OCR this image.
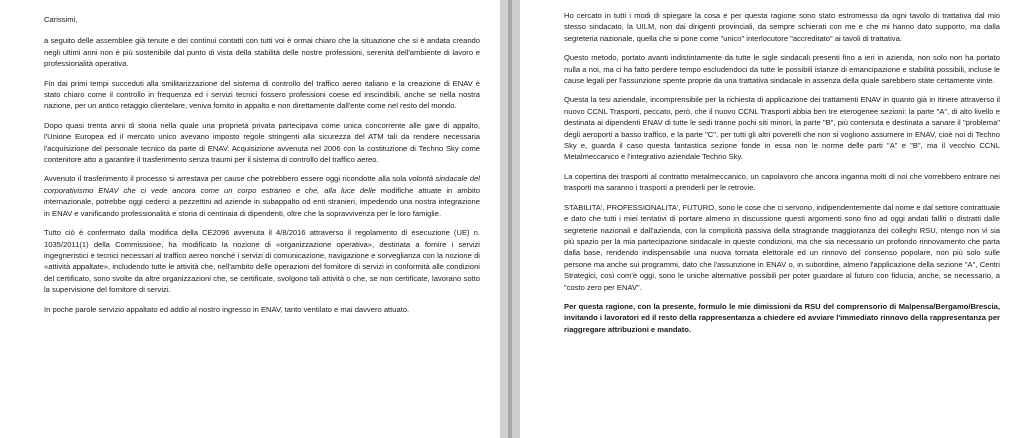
Carissimi,

a seguito delle assemblee già tenute e dei continui contatti con tutti voi è ormai chiaro che la situazione che si è andata creando negli ultimi anni non è più sostenibile dal punto di vista della stabilità delle nostre professioni, serenità dell'ambiente di lavoro e professionalità operativa.

Fin dai primi tempi succeduti alla smilitarizzazione del sistema di controllo del traffico aereo italiano e la creazione di ENAV è stato chiaro come il controllo in frequenza ed i servizi tecnici fossero professioni coese ed inscindibili, anche se nella nostra nazione, per un antico retaggio clientelare, veniva fornito in appalto e non direttamente dall'ente come nel resto del mondo.

Dopo quasi trenta anni di storia nella quale una proprietà privata partecipava come unica concorrente alle gare di appalto, l'Unione Europea ed il mercato unico avevano imposto regole stringenti alla sicurezza del ATM tali da rendere necessaria l'acquisizione del personale tecnico da parte di ENAV. Acquisizione avvenuta nel 2006 con la costituzione di Techno Sky come contenitore atto a garantire il trasferimento senza traumi per il sistema di controllo del traffico aereo.

Avvenuto il trasferimento il processo si arrestava per cause che potrebbero essere oggi ricondotte alla sola volontà sindacale del corporativismo ENAV che ci vede ancora come un corpo estraneo e che, alla luce delle modifiche attuate in ambito internazionale, potrebbe oggi cederci a pezzettini ad aziende in subappalto od enti stranieri, impedendo una nostra integrazione in ENAV e vanificando professionalità e storia di centinaia di dipendenti, oltre che la sopravvivenza per le loro famiglie.

Tutto ciò è confermato dalla modifica della CE2096 avvenuta il 4/8/2016 attraverso il regolamento di esecuzione (UE) n. 1035/2011(1) della Commissione, ha modificato la nozione di «organizzazione operativa», destinata a fornire i servizi ingegneristici e tecnici necessari al traffico aereo nonché i servizi di comunicazione, navigazione e sorveglianza con la nozione di «attività appaltate», includendo tutte le attività che, nell'ambito delle operazioni del fornitore di servizi in conformità alle condizioni del certificato, sono svolte da altre organizzazioni che, se certificate, svolgono tali attività o che, se non certificate, lavorano sotto la supervisione del fornitore di servizi.

In poche parole servizio appaltato ed addio al nostro ingresso in ENAV, tanto ventilato e mai davvero attuato.

Ho cercato in tutti i modi di spiegare la cosa e per questa ragione sono stato estromesso da ogni tavolo di trattativa dal mio stesso sindacato, la UILM, non dai dirigenti provinciali, da sempre schierati con me e che mi hanno dato supporto, ma dalla segreteria nazionale, quella che si pone come "unico" interlocutore "accreditato" ai tavoli di trattativa.

Questo metodo, portato avanti indistintamente da tutte le sigle sindacali presenti fino a ieri in azienda, non solo non ha portato nulla a noi, ma ci ha fatto perdere tempo escludendoci da tutte le possibili istanze di emancipazione e stabilità possibili, incluse le cause legali per l'assunzione spente proprie da una trattativa sindacale in assenza della quale sarebbero state certamente vinte.

Questa la tesi aziendale, incomprensibile per la richiesta di applicazione dei trattamenti ENAV in quanto già in itinere attraverso il nuovo CCNL Trasporti, peccato, però, che il nuovo CCNL Trasporti abbia ben tre eterogenee sezioni: la parte "A", di alto livello e destinata ai dipendenti ENAV di tutte le sedi tranne pochi siti minori, la parte "B", più contenuta e destinata a sanare il "problema" degli aeroporti a basso traffico, e la parte "C", per tutti gli altri poverelli che non si vogliono assumere in ENAV, cioè noi di Techno Sky e, guarda il caso questa fantastica sezione fonde in essa non le norme delle parti "A" e "B", ma il vecchio CCNL Metalmeccanico e l'integrativo aziendale Techno Sky.

La copertina dei trasporti al contratto metalmeccanico, un capolavoro che ancora inganna molti di noi che vorrebbero entrare nei trasporti ma saranno i trasporti a prenderli per le retrovie.

STABILITA', PROFESSIONALITA', FUTURO, sono le cose che ci servono, indipendentemente dal nome e dal settore contrattuale e dato che tutti i miei tentativi di portare almeno in discussione questi argomenti sono fino ad oggi andati falliti o distratti dalle segreterie nazionali e dall'azienda, con la complicità passiva della stragrande maggioranza dei colleghi RSU, ritengo non vi sia più spazio per la mia partecipazione sindacale in queste condizioni, ma che sia necessario un profondo rinnovamento che parta dalla base, rendendo indispensabile una nuova tornata elettorale ed un rinnovo del consenso popolare, non più solo sulle persone ma anche sui programmi, dato che l'assunzione in ENAV o, in subordine, almeno l'applicazione della sezione "A", Centri Strategici, così com'è oggi, sono le uniche alternative possibili per poter guardare al futuro con fiducia, anche, se necessario, a "costo zero per ENAV".

Per questa ragione, con la presente, formulo le mie dimissioni da RSU del comprensorio di Malpensa/Bergamo/Brescia, invitando i lavoratori ed il resto della rappresentanza a chiedere ed avviare l'immediato rinnovo della rappresentanza per riaggregare attribuzioni e mandato.
